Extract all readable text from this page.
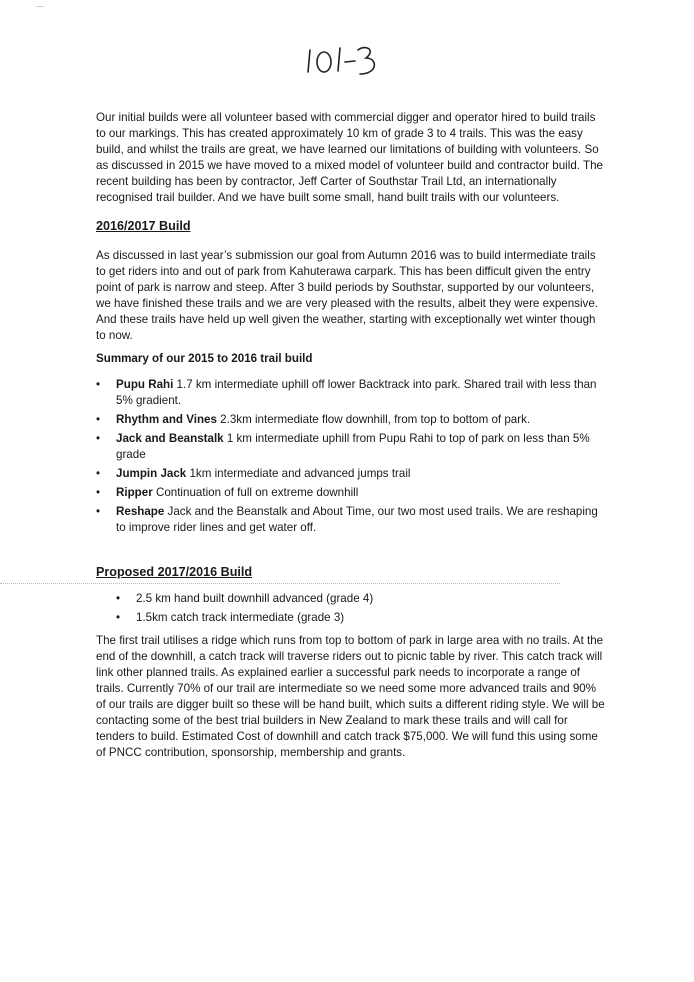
Our initial builds were all volunteer based with commercial digger and operator hired to build trails to our markings. This has created approximately 10 km of grade 3 to 4 trails. This was the easy build, and whilst the trails are great, we have learned our limitations of building with volunteers. So as discussed in 2015 we have moved to a mixed model of volunteer build and contractor build. The recent building has been by contractor, Jeff Carter of Southstar Trail Ltd, an internationally recognised trail builder. And we have built some small, hand built trails with our volunteers.

2016/2017 Build

As discussed in last year’s submission our goal from Autumn 2016 was to build intermediate trails to get riders into and out of park from Kahuterawa carpark. This has been difficult given the entry point of park is narrow and steep. After 3 build periods by Southstar, supported by our volunteers, we have finished these trails and we are very pleased with the results, albeit they were expensive. And these trails have held up well given the weather, starting with exceptionally wet winter though to now.

Summary of our 2015 to 2016 trail build
• Pupu Rahi 1.7 km intermediate uphill off lower Backtrack into park. Shared trail with less than 5% gradient.
• Rhythm and Vines 2.3km intermediate flow downhill, from top to bottom of park.
• Jack and Beanstalk 1 km intermediate uphill from Pupu Rahi to top of park on less than 5% grade
• Jumpin Jack 1km intermediate and advanced jumps trail
• Ripper Continuation of full on extreme downhill
• Reshape Jack and the Beanstalk and About Time, our two most used trails. We are reshaping to improve rider lines and get water off.
Proposed 2017/2016 Build
• 2.5 km hand built downhill advanced (grade 4)
• 1.5km catch track intermediate (grade 3)

The first trail utilises a ridge which runs from top to bottom of park in large area with no trails. At the end of the downhill, a catch track will traverse riders out to picnic table by river. This catch track will link other planned trails. As explained earlier a successful park needs to incorporate a range of trails. Currently 70% of our trail are intermediate so we need some more advanced trails and 90% of our trails are digger built so these will be hand built, which suits a different riding style. We will be contacting some of the best trial builders in New Zealand to mark these trails and will call for tenders to build. Estimated Cost of downhill and catch track $75,000. We will fund this using some of PNCC contribution, sponsorship, membership and grants.
